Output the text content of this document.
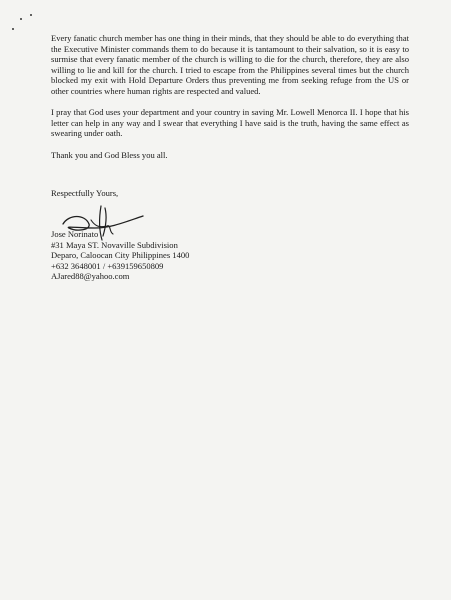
Every fanatic church member has one thing in their minds, that they should be able to do everything that the Executive Minister commands them to do because it is tantamount to their salvation, so it is easy to surmise that every fanatic member of the church is willing to die for the church, therefore, they are also willing to lie and kill for the church. I tried to escape from the Philippines several times but the church blocked my exit with Hold Departure Orders thus preventing me from seeking refuge from the US or other countries where human rights are respected and valued.

I pray that God uses your department and your country in saving Mr. Lowell Menorca II. I hope that his letter can help in any way and I swear that everything I have said is the truth, having the same effect as swearing under oath.

Thank you and God Bless you all.

Respectfully Yours,
Jose Norinato
#31 Maya ST. Novaville Subdivision
Deparo, Caloocan City Philippines 1400
+632 3648001 / +639159650809
AJared88@yahoo.com
